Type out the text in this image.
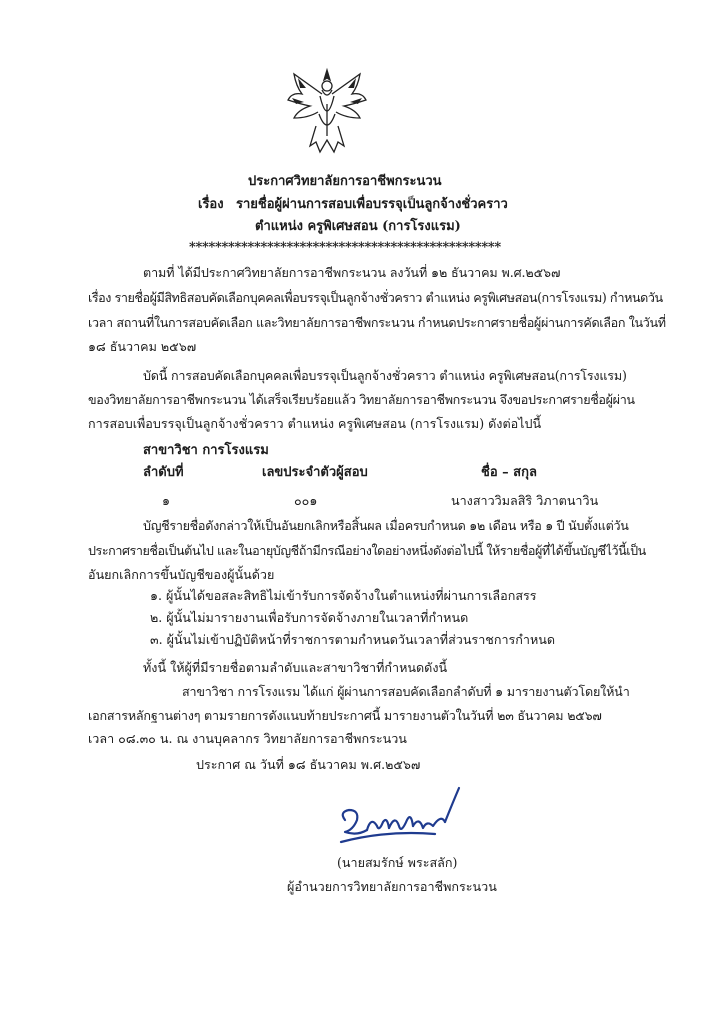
ประกาศวิทยาลัยการอาชีพกระนวน
เรื่อง รายชื่อผู้ผ่านการสอบเพื่อบรรจุเป็นลูกจ้างชั่วคราว
ตำแหน่ง ครูพิเศษสอน (การโรงแรม)
************************************************
ตามที่ ได้มีประกาศวิทยาลัยการอาชีพกระนวน ลงวันที่ ๑๒ ธันวาคม พ.ศ.๒๕๖๗
เรื่อง รายชื่อผู้มีสิทธิสอบคัดเลือกบุคคลเพื่อบรรจุเป็นลูกจ้างชั่วคราว ตำแหน่ง ครูพิเศษสอน(การโรงแรม) กำหนดวัน
เวลา สถานที่ในการสอบคัดเลือก และวิทยาลัยการอาชีพกระนวน กำหนดประกาศรายชื่อผู้ผ่านการคัดเลือก ในวันที่
๑๘ ธันวาคม ๒๕๖๗
บัดนี้ การสอบคัดเลือกบุคคลเพื่อบรรจุเป็นลูกจ้างชั่วคราว ตำแหน่ง ครูพิเศษสอน(การโรงแรม)
ของวิทยาลัยการอาชีพกระนวน ได้เสร็จเรียบร้อยแล้ว วิทยาลัยการอาชีพกระนวน จึงขอประกาศรายชื่อผู้ผ่าน
การสอบเพื่อบรรจุเป็นลูกจ้างชั่วคราว ตำแหน่ง ครูพิเศษสอน (การโรงแรม) ดังต่อไปนี้
สาขาวิชา การโรงแรม
ลำดับที่	เลขประจำตัวผู้สอบ	ชื่อ – สกุล
๑	๐๐๑	นางสาววิมลสิริ วิภาตนาวิน
บัญชีรายชื่อดังกล่าวให้เป็นอันยกเลิกหรือสิ้นผล เมื่อครบกำหนด ๑๒ เดือน หรือ ๑ ปี นับตั้งแต่วัน
ประกาศรายชื่อเป็นต้นไป และในอายุบัญชีถ้ามีกรณีอย่างใดอย่างหนึ่งดังต่อไปนี้ ให้รายชื่อผู้ที่ได้ขึ้นบัญชีไว้นี้เป็น
อันยกเลิกการขึ้นบัญชีของผู้นั้นด้วย
๑. ผู้นั้นได้ขอสละสิทธิไม่เข้ารับการจัดจ้างในตำแหน่งที่ผ่านการเลือกสรร
๒. ผู้นั้นไม่มารายงานเพื่อรับการจัดจ้างภายในเวลาที่กำหนด
๓. ผู้นั้นไม่เข้าปฏิบัติหน้าที่ราชการตามกำหนดวันเวลาที่ส่วนราชการกำหนด
ทั้งนี้ ให้ผู้ที่มีรายชื่อตามลำดับและสาขาวิชาที่กำหนดดังนี้
สาขาวิชา การโรงแรม ได้แก่ ผู้ผ่านการสอบคัดเลือกลำดับที่ ๑ มารายงานตัวโดยให้นำ
เอกสารหลักฐานต่างๆ ตามรายการดังแนบท้ายประกาศนี้ มารายงานตัวในวันที่ ๒๓ ธันวาคม ๒๕๖๗
เวลา ๐๘.๓๐ น. ณ งานบุคลากร วิทยาลัยการอาชีพกระนวน
ประกาศ ณ วันที่ ๑๘ ธันวาคม พ.ศ.๒๕๖๗
(นายสมรักษ์ พระสลัก)
ผู้อำนวยการวิทยาลัยการอาชีพกระนวน
